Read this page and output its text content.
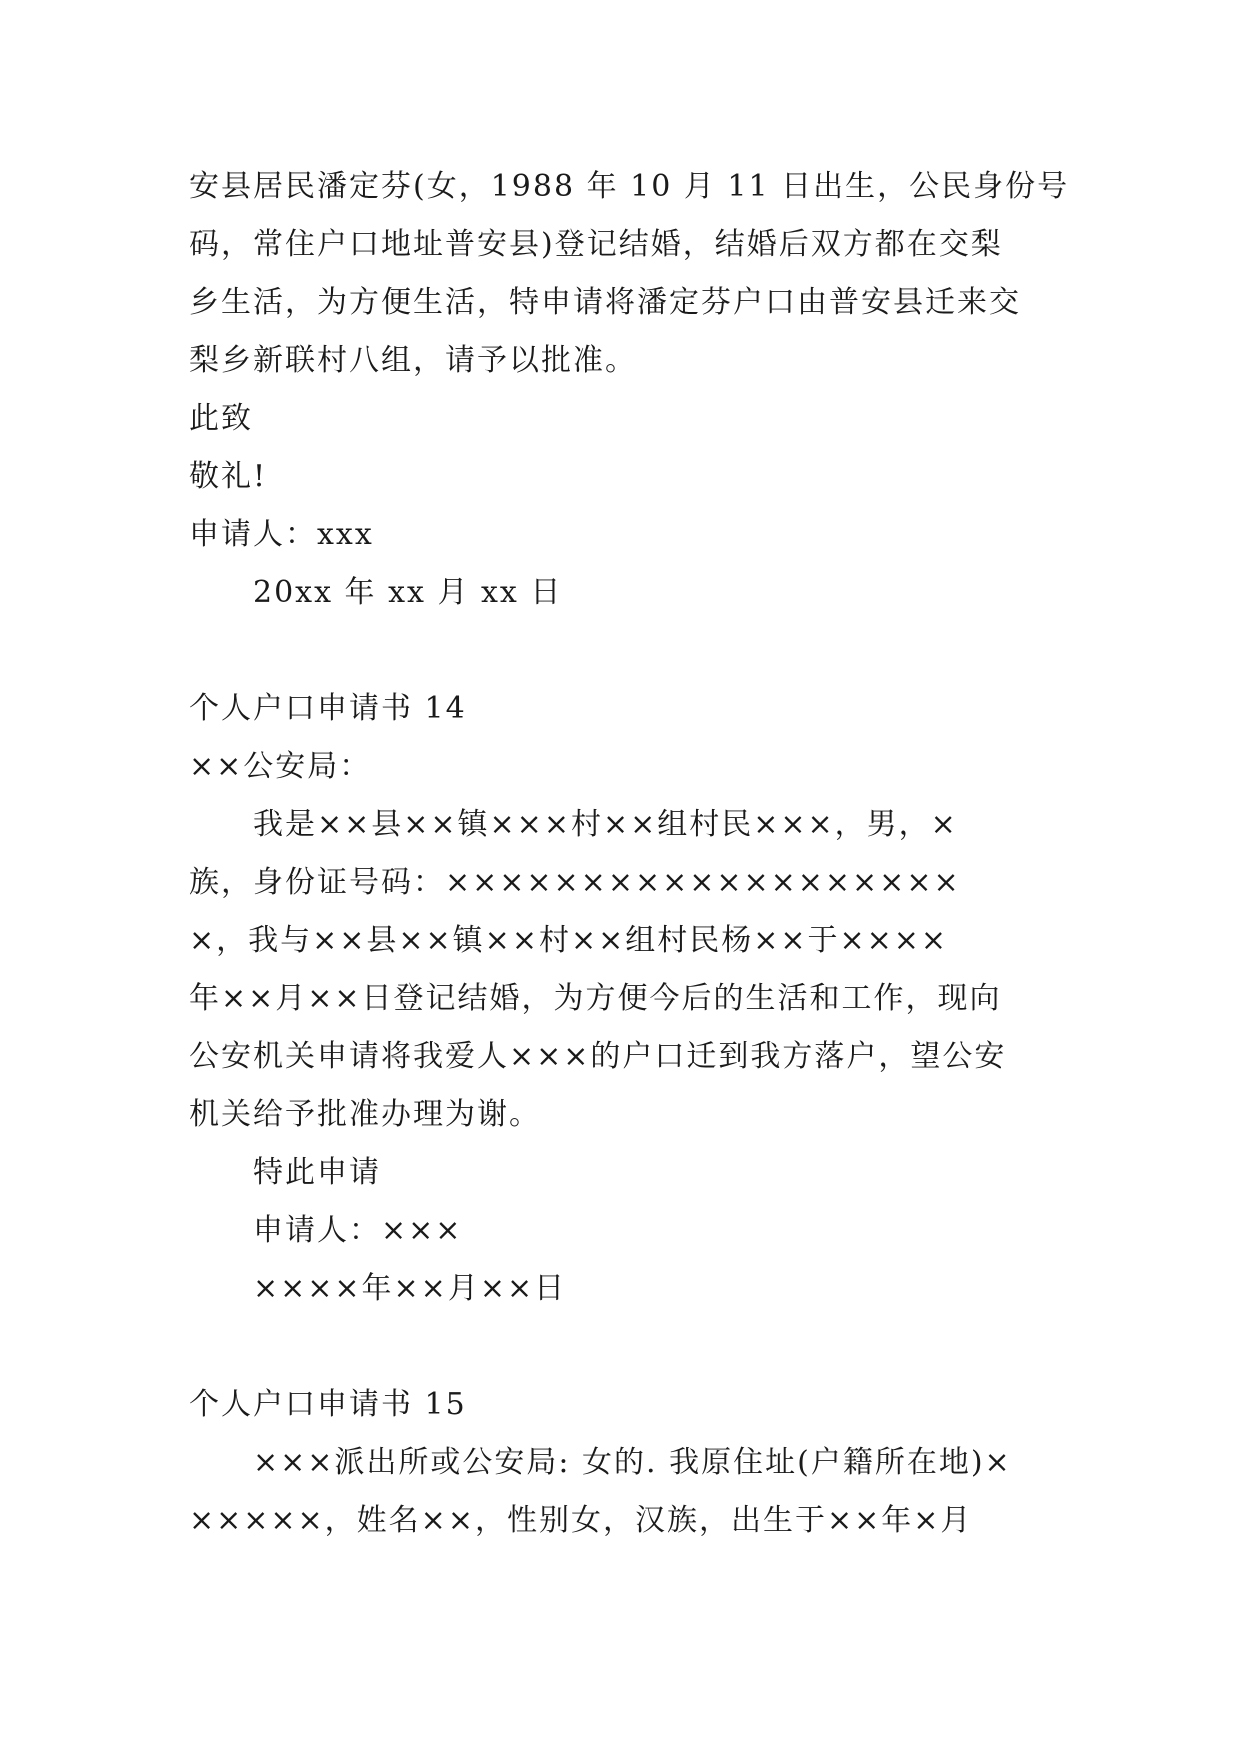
安县居民潘定芬(女，1988 年 10 月 11 日出生，公民身份号
码，常住户口地址普安县)登记结婚，结婚后双方都在交梨
乡生活，为方便生活，特申请将潘定芬户口由普安县迁来交
梨乡新联村八组，请予以批准。
此致
敬礼!
申请人：xxx
20xx 年 xx 月 xx 日
个人户口申请书 14
××公安局：
我是××县××镇×××村××组村民×××，男，×
族，身份证号码：×××××××××××××××××××
×，我与××县××镇××村××组村民杨××于××××
年××月××日登记结婚，为方便今后的生活和工作，现向
公安机关申请将我爱人×××的户口迁到我方落户，望公安
机关给予批准办理为谢。
特此申请
申请人：×××
××××年××月××日
个人户口申请书 15
×××派出所或公安局: 女的. 我原住址(户籍所在地)×
×××××，姓名××，性别女，汉族，出生于××年×月
